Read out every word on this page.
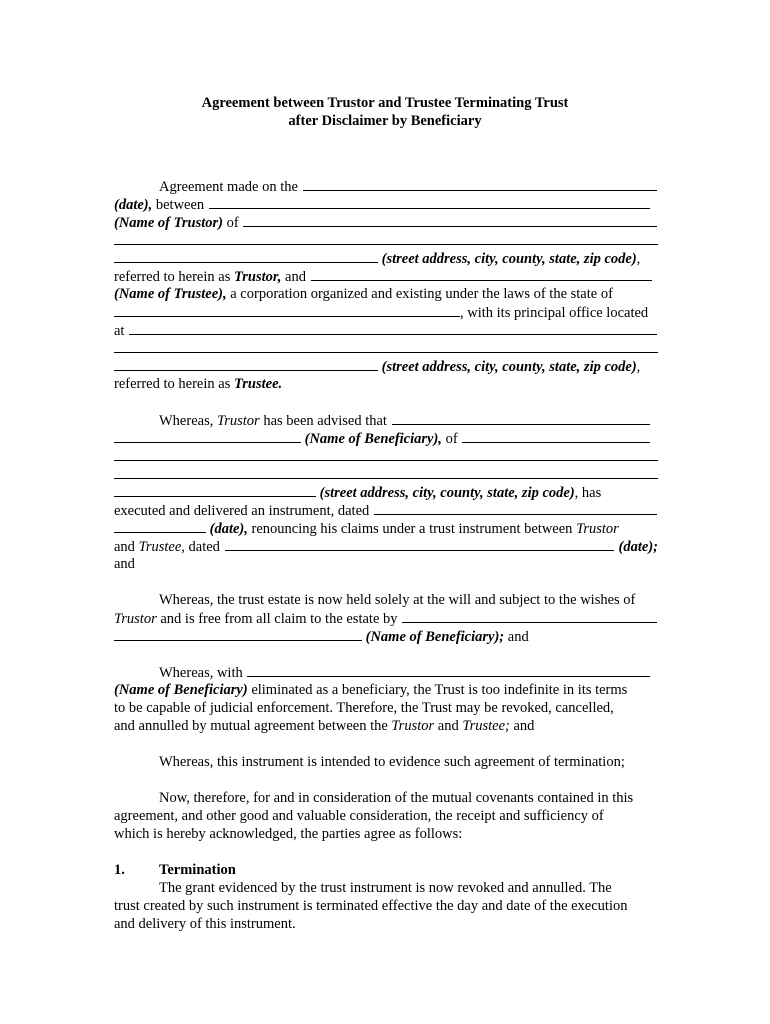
Agreement between Trustor and Trustee Terminating Trust
after Disclaimer by Beneficiary
Agreement made on the

(date),
between

(Name of Trustor)
of

(street address, city, county, state, zip code),
referred to herein as
Trustor,
and

(Name of Trustee), a corporation organized and existing under the laws of the state of
, with its principal office located
at

(street address, city, county, state, zip code),
referred to herein as Trustee.
Whereas,
Trustor
has been advised that

(Name of Beneficiary),
of

(street address, city, county, state, zip code), has
executed and delivered an instrument, dated

(date), renouncing his claims under a trust instrument between Trustor
and
Trustee , dated

	(date);
and
Whereas, the trust estate is now held solely at the will and subject to the wishes of
Trustor
and is free from all claim to the estate by

(Name of Beneficiary); and
Whereas, with

(Name of Beneficiary) eliminated as a beneficiary, the Trust is too indefinite in its terms
to be capable of judicial enforcement. Therefore, the Trust may be revoked, cancelled,
and annulled by mutual agreement between the Trustor and Trustee; and
Whereas, this instrument is intended to evidence such agreement of termination;
Now, therefore, for and in consideration of the mutual covenants contained in this
agreement, and other good and valuable consideration, the receipt and sufficiency of
which is hereby acknowledged, the parties agree as follows:
1. Termination
The grant evidenced by the trust instrument is now revoked and annulled. The
trust created by such instrument is terminated effective the day and date of the execution
and delivery of this instrument.
